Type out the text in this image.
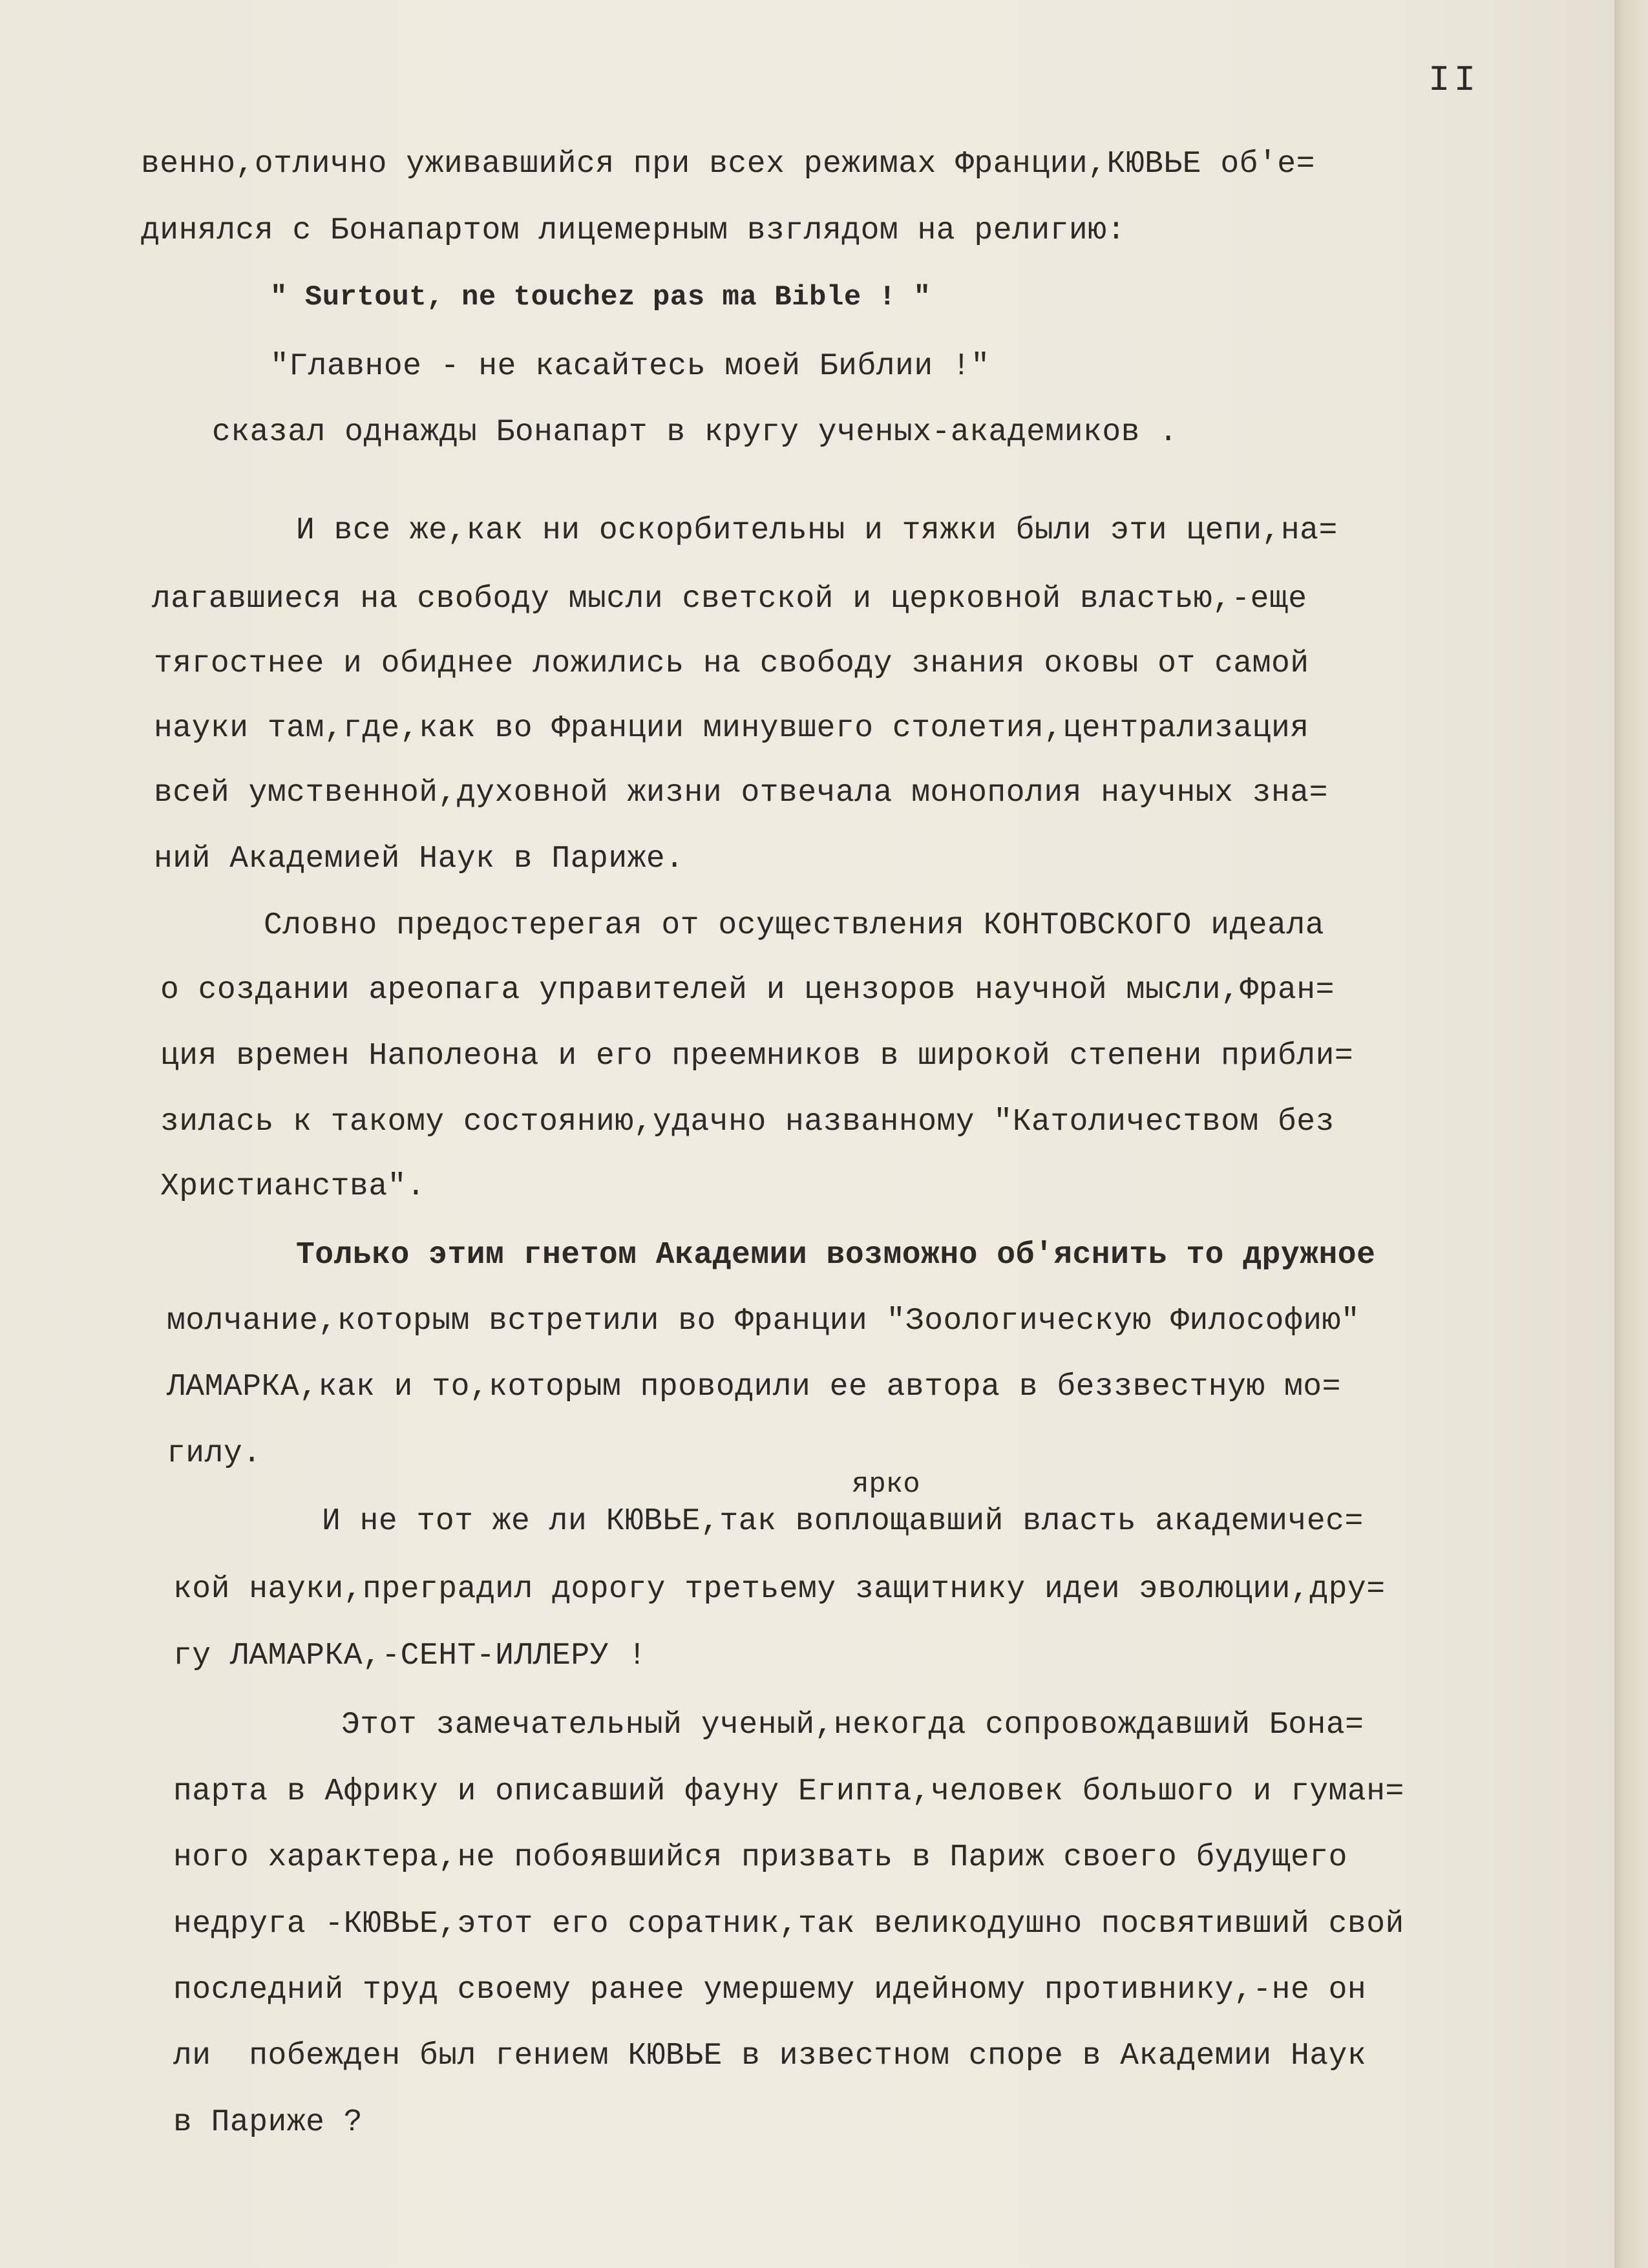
II
венно,отлично уживавшийся при всех режимах Франции,КЮВЬЕ об'е=
динялся с Бонапартом лицемерным взглядом на религию:
" Surtout, ne touchez pas ma Bible ! "
"Главное - не касайтесь моей Библии !"
сказал однажды Бонапарт в кругу ученых-академиков .
И все же,как ни оскорбительны и тяжки были эти цепи,на=
лагавшиеся на свободу мысли светской и церковной властью,-еще
тягостнее и обиднее ложились на свободу знания оковы от самой
науки там,где,как во Франции минувшего столетия,централизация
всей умственной,духовной жизни отвечала монополия научных зна=
ний Академией Наук в Париже.
Словно предостерегая от осуществления КОНТОВСКОГО идеала
о создании ареопага управителей и цензоров научной мысли,Фран=
ция времен Наполеона и его преемников в широкой степени прибли=
зилась к такому состоянию,удачно названному "Католичеством без
Христианства".
Только этим гнетом Академии возможно об'яснить то дружное
молчание,которым встретили во Франции "Зоологическую Философию"
ЛАМАРКА,как и то,которым проводили ее автора в беззвестную мо=
гилу.
ярко
И не тот же ли КЮВЬЕ,так воплощавший власть академичес=
кой науки,преградил дорогу третьему защитнику идеи эволюции,дру=
гу ЛАМАРКА,-СЕНТ-ИЛЛЕРУ !
Этот замечательный ученый,некогда сопровождавший Бона=
парта в Африку и описавший фауну Египта,человек большого и гуман=
ного характера,не побоявшийся призвать в Париж своего будущего
недруга -КЮВЬЕ,этот его соратник,так великодушно посвятивший свой
последний труд своему ранее умершему идейному противнику,-не он
ли  побежден был гением КЮВЬЕ в известном споре в Академии Наук
в Париже ?
